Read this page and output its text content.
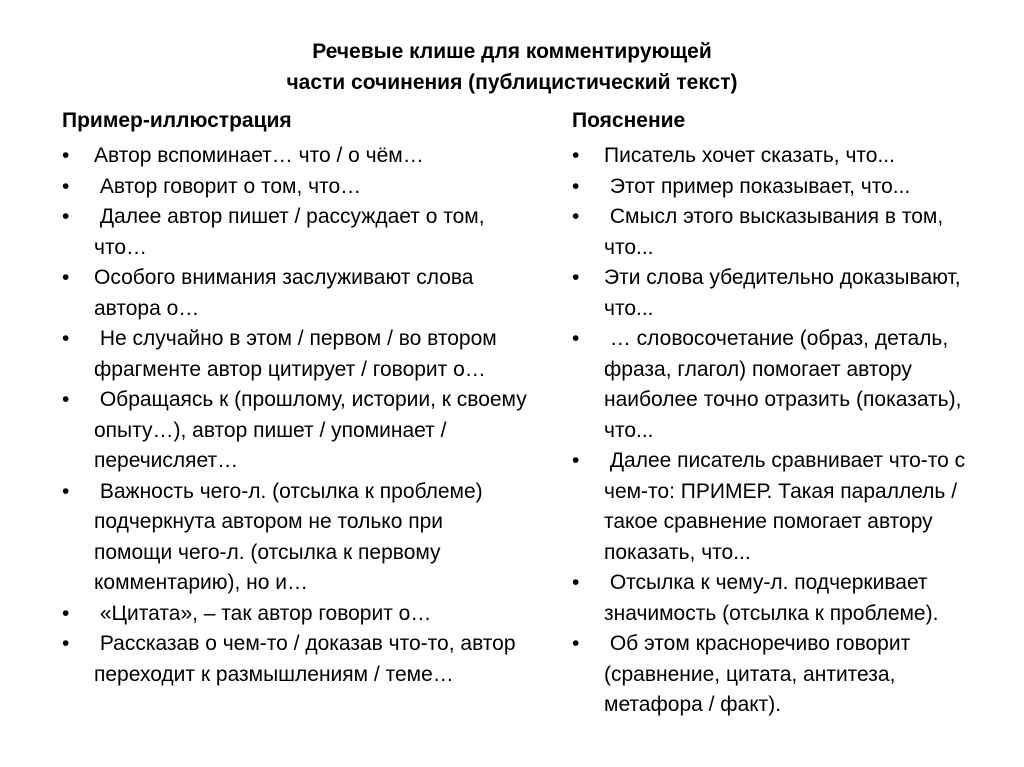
Речевые клише для комментирующей
части сочинения (публицистический текст)
Пример-иллюстрация
• Автор вспоминает… что / о чём…
• Автор говорит о том, что…
• Далее автор пишет / рассуждает о том,
что…
• Особого внимания заслуживают слова
автора о…
• Не случайно в этом / первом / во втором
фрагменте автор цитирует / говорит о…
• Обращаясь к (прошлому, истории, к своему
опыту…), автор пишет / упоминает /
перечисляет…
• Важность чего-л. (отсылка к проблеме)
подчеркнута автором не только при
помощи чего-л. (отсылка к первому
комментарию), но и…
• «Цитата», – так автор говорит о…
• Рассказав о чем-то / доказав что-то, автор
переходит к размышлениям / теме…
Пояснение
• Писатель хочет сказать, что...
• Этот пример показывает, что...
• Смысл этого высказывания в том,
что...
• Эти слова убедительно доказывают,
что...
• … словосочетание (образ, деталь,
фраза, глагол) помогает автору
наиболее точно отразить (показать),
что...
• Далее писатель сравнивает что-то с
чем-то: ПРИМЕР. Такая параллель /
такое сравнение помогает автору
показать, что...
• Отсылка к чему-л. подчеркивает
значимость (отсылка к проблеме).
• Об этом красноречиво говорит
(сравнение, цитата, антитеза,
метафора / факт).
